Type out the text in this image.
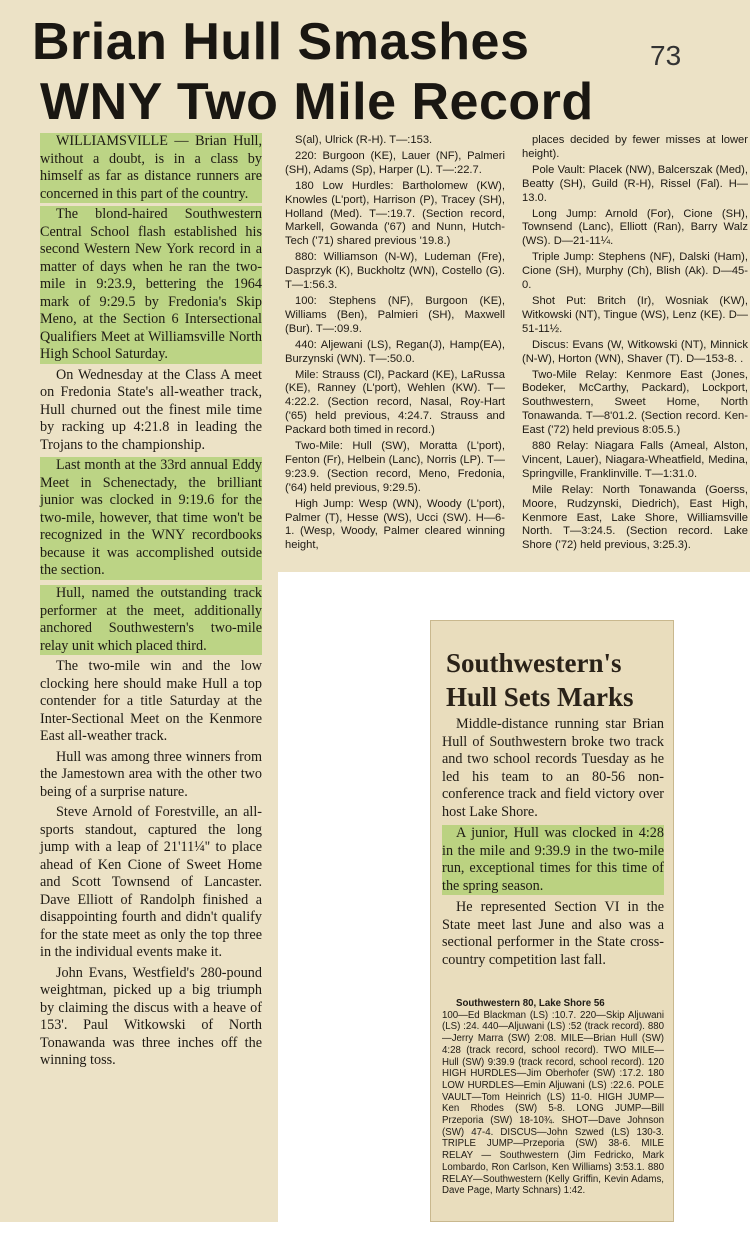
Brian Hull Smashes
WNY Two Mile Record
73

WILLIAMSVILLE — Brian Hull, without a doubt, is in a class by himself as far as distance runners are concerned in this part of the country.

The blond-haired Southwestern Central School flash established his second Western New York record in a matter of days when he ran the two-mile in 9:23.9, bettering the 1964 mark of 9:29.5 by Fredonia's Skip Meno, at the Section 6 Intersectional Qualifiers Meet at Williamsville North High School Saturday.

On Wednesday at the Class A meet on Fredonia State's all-weather track, Hull churned out the finest mile time by racking up 4:21.8 in leading the Trojans to the championship.

Last month at the 33rd annual Eddy Meet in Schenectady, the brilliant junior was clocked in 9:19.6 for the two-mile, however, that time won't be recognized in the WNY recordbooks because it was accomplished outside the section.

S(al), Ulrick (R-H). T—:153.

220: Burgoon (KE), Lauer (NF), Palmeri (SH), Adams (Sp), Harper (L). T—:22.7.

180 Low Hurdles: Bartholomew (KW), Knowles (L'port), Harrison (P), Tracey (SH), Holland (Med). T—:19.7. (Section record, Markell, Gowanda ('67) and Nunn, Hutch-Tech ('71) shared previous '19.8.)

880: Williamson (N-W), Ludeman (Fre), Dasprzyk (K), Buckholtz (WN), Costello (G). T—1:56.3.

100: Stephens (NF), Burgoon (KE), Williams (Ben), Palmieri (SH), Maxwell (Bur). T—:09.9.

440: Aljewani (LS), Regan(J), Hamp(EA), Burzynski (WN). T—:50.0.

Mile: Strauss (Cl), Packard (KE), LaRussa (KE), Ranney (L'port), Wehlen (KW). T—4:22.2. (Section record, Nasal, Roy-Hart ('65) held previous, 4:24.7. Strauss and Packard both timed in record.)

Two-Mile: Hull (SW), Moratta (L'port), Fenton (Fr), Helbein (Lanc), Norris (LP). T—9:23.9. (Section record, Meno, Fredonia, ('64) held previous, 9:29.5).

High Jump: Wesp (WN), Woody (L'port), Palmer (T), Hesse (WS), Ucci (SW). H—6-1. (Wesp, Woody, Palmer cleared winning height,

places decided by fewer misses at lower height).

Pole Vault: Placek (NW), Balcerszak (Med), Beatty (SH), Guild (R-H), Rissel (Fal). H—13.0.

Long Jump: Arnold (For), Cione (SH), Townsend (Lanc), Elliott (Ran), Barry Walz (WS). D—21-11¼.

Triple Jump: Stephens (NF), Dalski (Ham), Cione (SH), Murphy (Ch), Blish (Ak). D—45-0.

Shot Put: Britch (Ir), Wosniak (KW), Witkowski (NT), Tingue (WS), Lenz (KE). D—51-11½.

Discus: Evans (W, Witkowski (NT), Minnick (N-W), Horton (WN), Shaver (T). D—153-8. .

Two-Mile Relay: Kenmore East (Jones, Bodeker, McCarthy, Packard), Lockport, Southwestern, Sweet Home, North Tonawanda. T—8'01.2. (Section record. Ken-East ('72) held previous 8:05.5.)

880 Relay: Niagara Falls (Ameal, Alston, Vincent, Lauer), Niagara-Wheatfield, Medina, Springville, Franklinville. T—1:31.0.

Mile Relay: North Tonawanda (Goerss, Moore, Rudzynski, Diedrich), East High, Kenmore East, Lake Shore, Williamsville North. T—3:24.5. (Section record. Lake Shore ('72) held previous, 3:25.3).

Hull, named the outstanding track performer at the meet, additionally anchored Southwestern's two-mile relay unit which placed third.

The two-mile win and the low clocking here should make Hull a top contender for a title Saturday at the Inter-Sectional Meet on the Kenmore East all-weather track.

Hull was among three winners from the Jamestown area with the other two being of a surprise nature.

Steve Arnold of Forestville, an all-sports standout, captured the long jump with a leap of 21'11¼'' to place ahead of Ken Cione of Sweet Home and Scott Townsend of Lancaster. Dave Elliott of Randolph finished a disappointing fourth and didn't qualify for the state meet as only the top three in the individual events make it.

John Evans, Westfield's 280-pound weightman, picked up a big triumph by claiming the discus with a heave of 153'. Paul Witkowski of North Tonawanda was three inches off the winning toss.

Southwestern's
Hull Sets Marks

Middle-distance running star Brian Hull of Southwestern broke two track and two school records Tuesday as he led his team to an 80-56 non-conference track and field victory over host Lake Shore.

A junior, Hull was clocked in 4:28 in the mile and 9:39.9 in the two-mile run, exceptional times for this time of the spring season.

He represented Section VI in the State meet last June and also was a sectional performer in the State cross-country competition last fall.

Southwestern 80, Lake Shore 56
100—Ed Blackman (LS) :10.7. 220—Skip Aljuwani (LS) :24. 440—Aljuwani (LS) :52 (track record). 880—Jerry Marra (SW) 2:08. MILE—Brian Hull (SW) 4:28 (track record, school record). TWO MILE—Hull (SW) 9:39.9 (track record, school record). 120 HIGH HURDLES—Jim Oberhofer (SW) :17.2. 180 LOW HURDLES—Emin Aljuwani (LS) :22.6. POLE VAULT—Tom Heinrich (LS) 11-0. HIGH JUMP—Ken Rhodes (SW) 5-8. LONG JUMP—Bill Przeporia (SW) 18-10¾. SHOT—Dave Johnson (SW) 47-4. DISCUS—John Szwed (LS) 130-3. TRIPLE JUMP—Przeporia (SW) 38-6. MILE RELAY — Southwestern (Jim Fedricko, Mark Lombardo, Ron Carlson, Ken Williams) 3:53.1. 880 RELAY—Southwestern (Kelly Griffin, Kevin Adams, Dave Page, Marty Schnars) 1:42.
